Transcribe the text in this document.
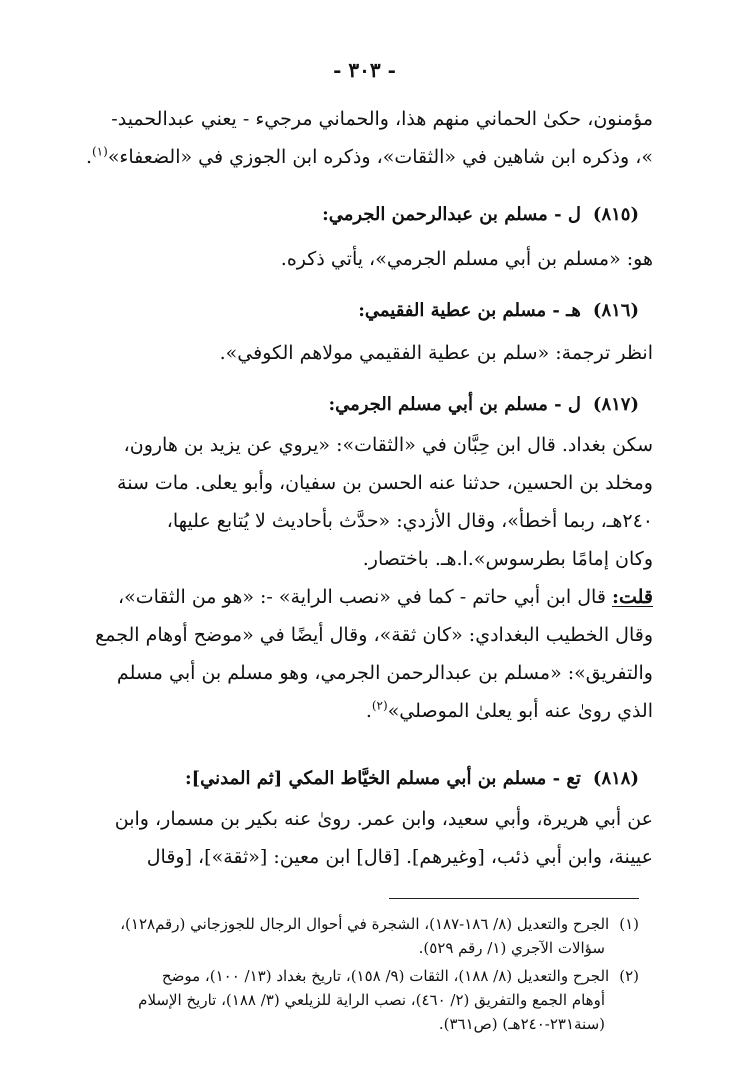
- ٣٠٣ -
مؤمنون، حكىٰ الحماني منهم هذا، والحماني مرجيء - يعني عبدالحميد-
»، وذكره ابن شاهين في «الثقات»، وذكره ابن الجوزي في «الضعفاء»$^{(١)}$.
(٨١٥)ل - مسلم بن عبدالرحمن الجرمي:
هو: «مسلم بن أبي مسلم الجرمي»، يأتي ذكره.
(٨١٦)هـ - مسلم بن عطية الفقيمي:
انظر ترجمة: «سلم بن عطية الفقيمي مولاهم الكوفي».
(٨١٧)ل - مسلم بن أبي مسلم الجرمي:
سكن بغداد. قال ابن حِبَّان في «الثقات»: «يروي عن يزيد بن هارون،
ومخلد بن الحسين، حدثنا عنه الحسن بن سفيان، وأبو يعلى. مات سنة
٢٤٠هـ، ربما أخطأ»، وقال الأزدي: «حدَّث بأحاديث لا يُتابع عليها،
وكان إمامًا بطرسوس».ا.هـ. باختصار.
قلت: قال ابن أبي حاتم - كما في «نصب الراية» -: «هو من الثقات»،
وقال الخطيب البغدادي: «كان ثقة»، وقال أيضًا في «موضح أوهام الجمع
والتفريق»: «مسلم بن عبدالرحمن الجرمي، وهو مسلم بن أبي مسلم
الذي رویٰ عنه أبو يعلىٰ الموصلي»$^{(٢)}$.
(٨١٨)تع - مسلم بن أبي مسلم الخيَّاط المكي [ثم المدني]:
عن أبي هريرة، وأبي سعيد، وابن عمر. روىٰ عنه بكير بن مسمار، وابن
عيينة، وابن أبي ذئب، [وغيرهم]. [قال] ابن معين: [«ثقة»]، [وقال
(١)الجرح والتعديل (٨/ ١٨٦-١٨٧)، الشجرة في أحوال الرجال للجوزجاني (رقم١٢٨)،
سؤالات الآجري (١/ رقم ٥٢٩).
(٢)الجرح والتعديل (٨/ ١٨٨)، الثقات (٩/ ١٥٨)، تاريخ بغداد (١٣/ ١٠٠)، موضح
أوهام الجمع والتفريق (٢/ ٤٦٠)، نصب الراية للزيلعي (٣/ ١٨٨)، تاريخ الإسلام
(سنة٢٣١-٢٤٠هـ) (ص٣٦١).
